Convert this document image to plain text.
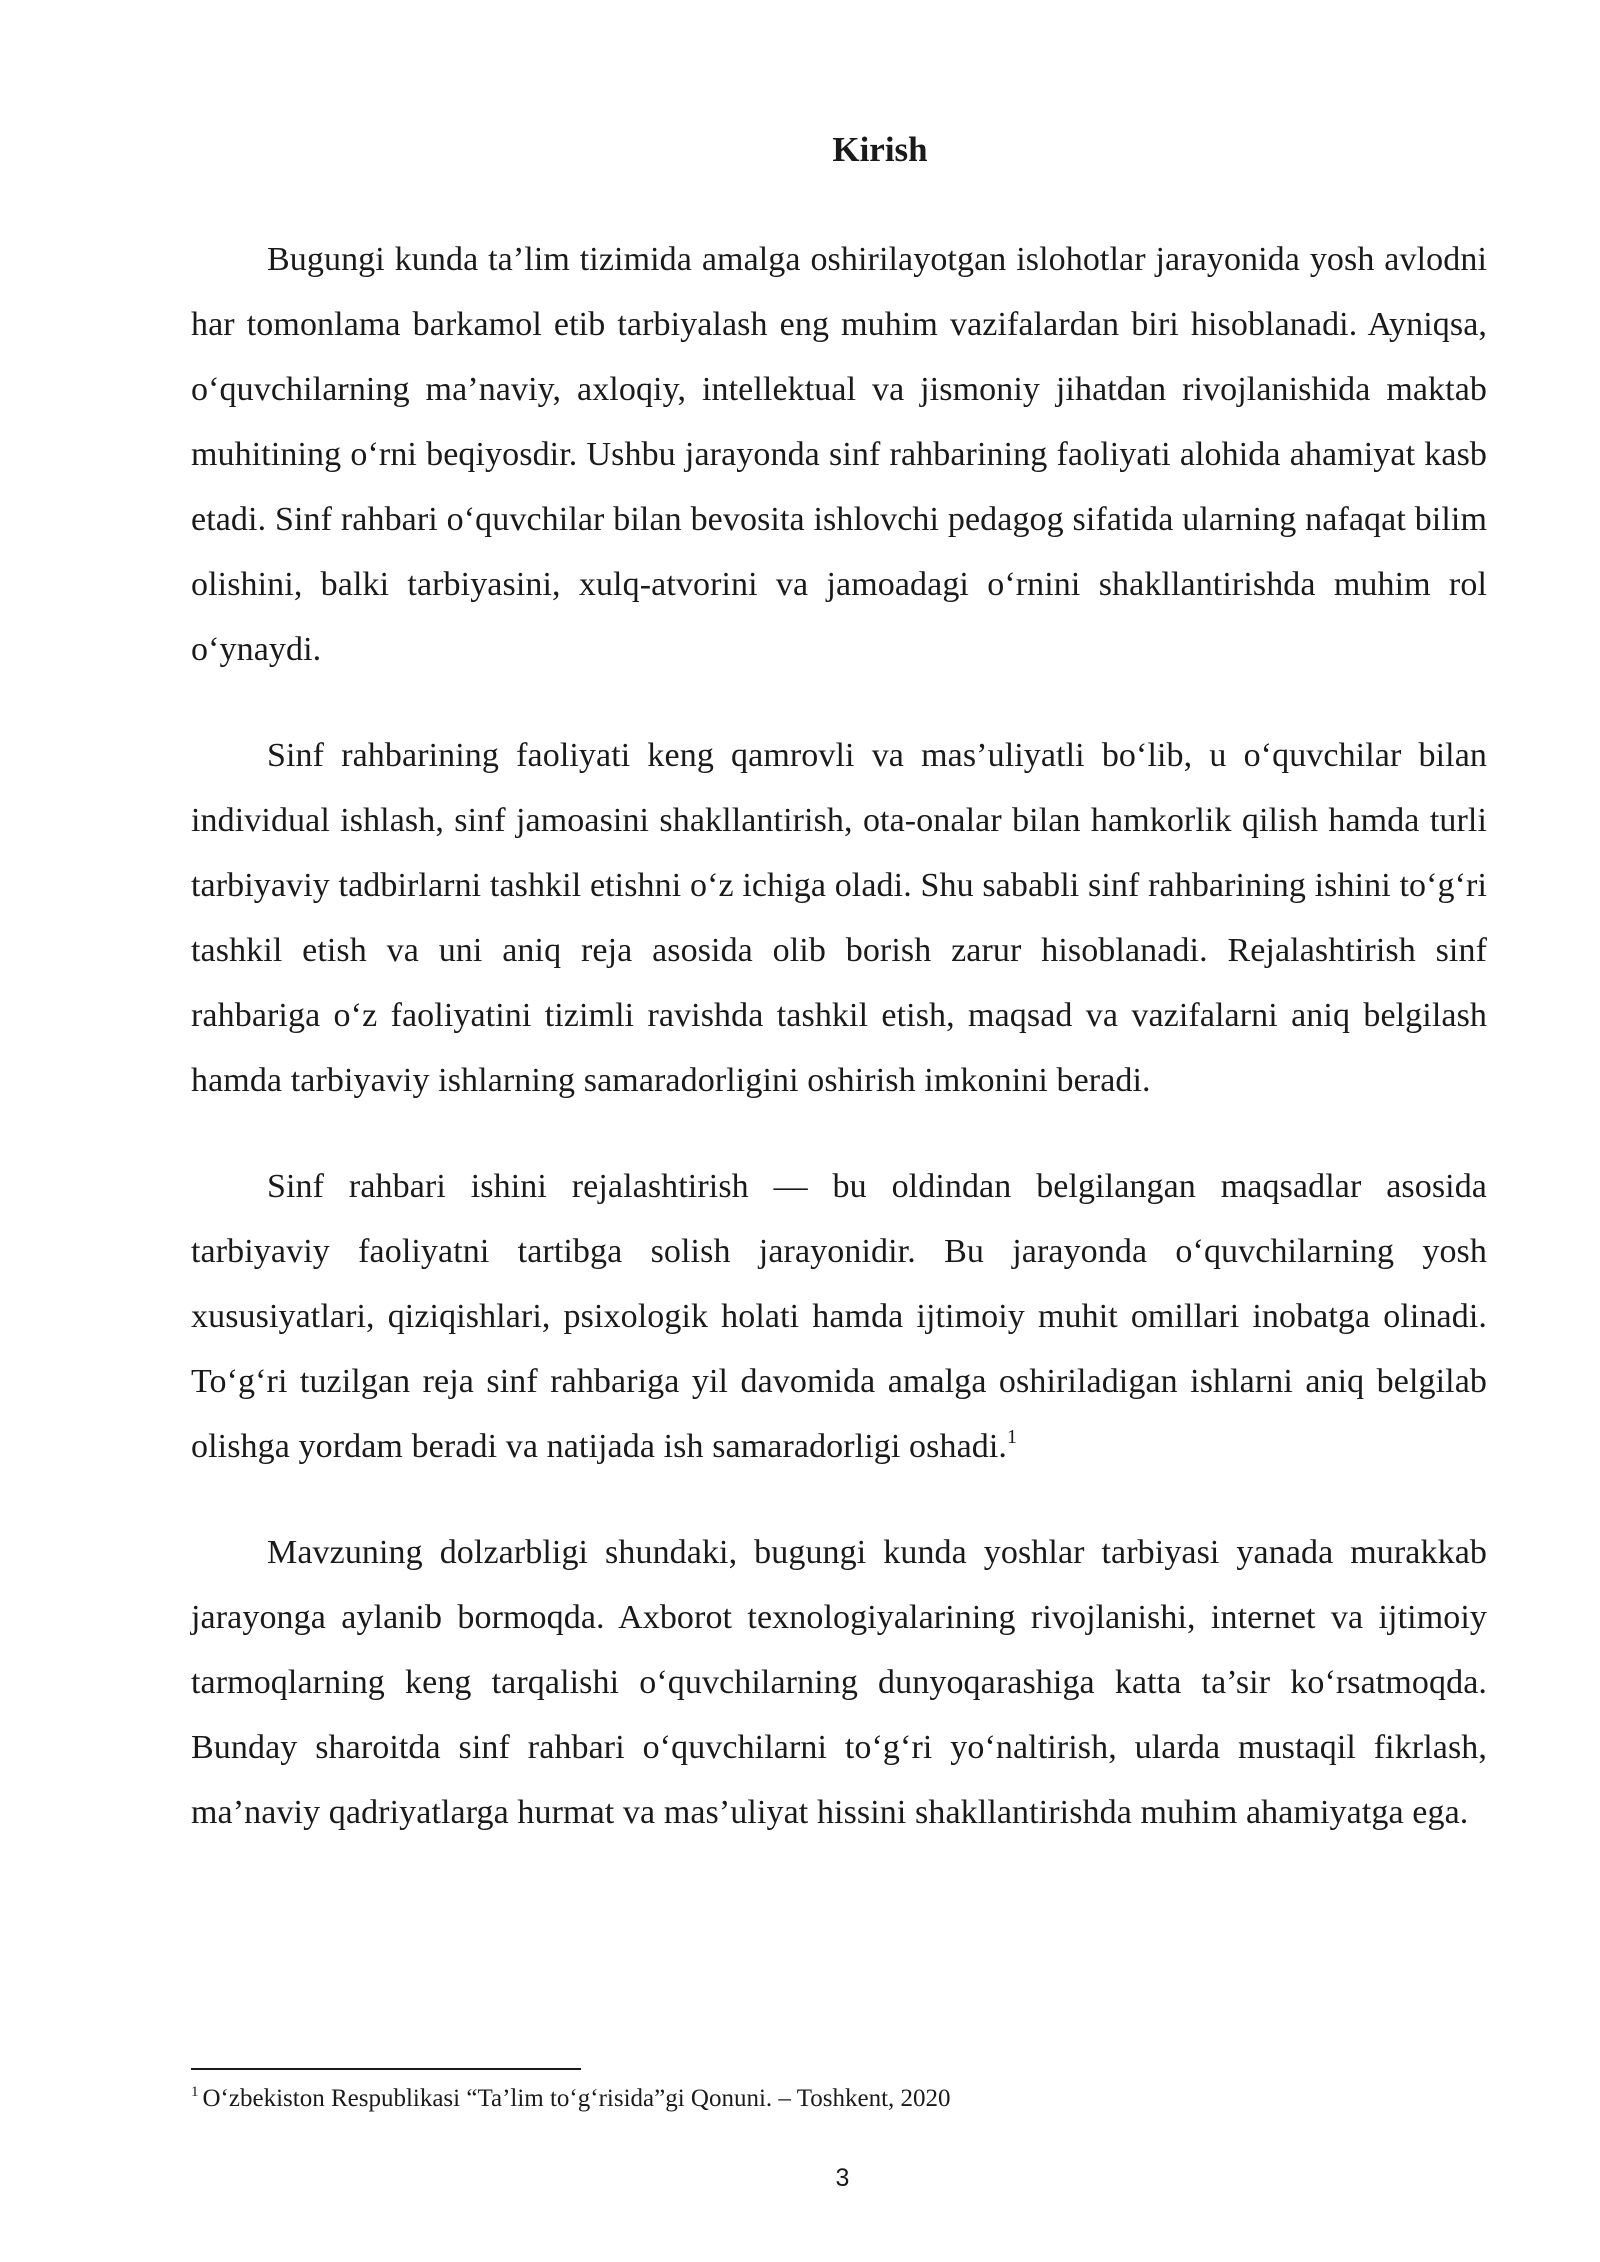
Kirish

Bugungi kunda ta’lim tizimida amalga oshirilayotgan islohotlar jarayonida yosh avlodni har tomonlama barkamol etib tarbiyalash eng muhim vazifalardan biri hisoblanadi. Ayniqsa, o‘quvchilarning ma’naviy, axloqiy, intellektual va jismoniy jihatdan rivojlanishida maktab muhitining o‘rni beqiyosdir. Ushbu jarayonda sinf rahbarining faoliyati alohida ahamiyat kasb etadi. Sinf rahbari o‘quvchilar bilan bevosita ishlovchi pedagog sifatida ularning nafaqat bilim olishini, balki tarbiyasini, xulq-atvorini va jamoadagi o‘rnini shakllantirishda muhim rol o‘ynaydi.

Sinf rahbarining faoliyati keng qamrovli va mas’uliyatli bo‘lib, u o‘quvchilar bilan individual ishlash, sinf jamoasini shakllantirish, ota-onalar bilan hamkorlik qilish hamda turli tarbiyaviy tadbirlarni tashkil etishni o‘z ichiga oladi. Shu sababli sinf rahbarining ishini to‘g‘ri tashkil etish va uni aniq reja asosida olib borish zarur hisoblanadi. Rejalashtirish sinf rahbariga o‘z faoliyatini tizimli ravishda tashkil etish, maqsad va vazifalarni aniq belgilash hamda tarbiyaviy ishlarning samaradorligini oshirish imkonini beradi.

Sinf rahbari ishini rejalashtirish — bu oldindan belgilangan maqsadlar asosida tarbiyaviy faoliyatni tartibga solish jarayonidir. Bu jarayonda o‘quvchilarning yosh xususiyatlari, qiziqishlari, psixologik holati hamda ijtimoiy muhit omillari inobatga olinadi. To‘g‘ri tuzilgan reja sinf rahbariga yil davomida amalga oshiriladigan ishlarni aniq belgilab olishga yordam beradi va natijada ish samaradorligi oshadi.$^1$

Mavzuning dolzarbligi shundaki, bugungi kunda yoshlar tarbiyasi yanada murakkab jarayonga aylanib bormoqda. Axborot texnologiyalarining rivojlanishi, internet va ijtimoiy tarmoqlarning keng tarqalishi o‘quvchilarning dunyoqarashiga katta ta’sir ko‘rsatmoqda. Bunday sharoitda sinf rahbari o‘quvchilarni to‘g‘ri yo‘naltirish, ularda mustaqil fikrlash, ma’naviy qadriyatlarga hurmat va mas’uliyat hissini shakllantirishda muhim ahamiyatga ega.

$^1$ O‘zbekiston Respublikasi “Ta’lim to‘g‘risida”gi Qonuni. – Toshkent, 2020
3
